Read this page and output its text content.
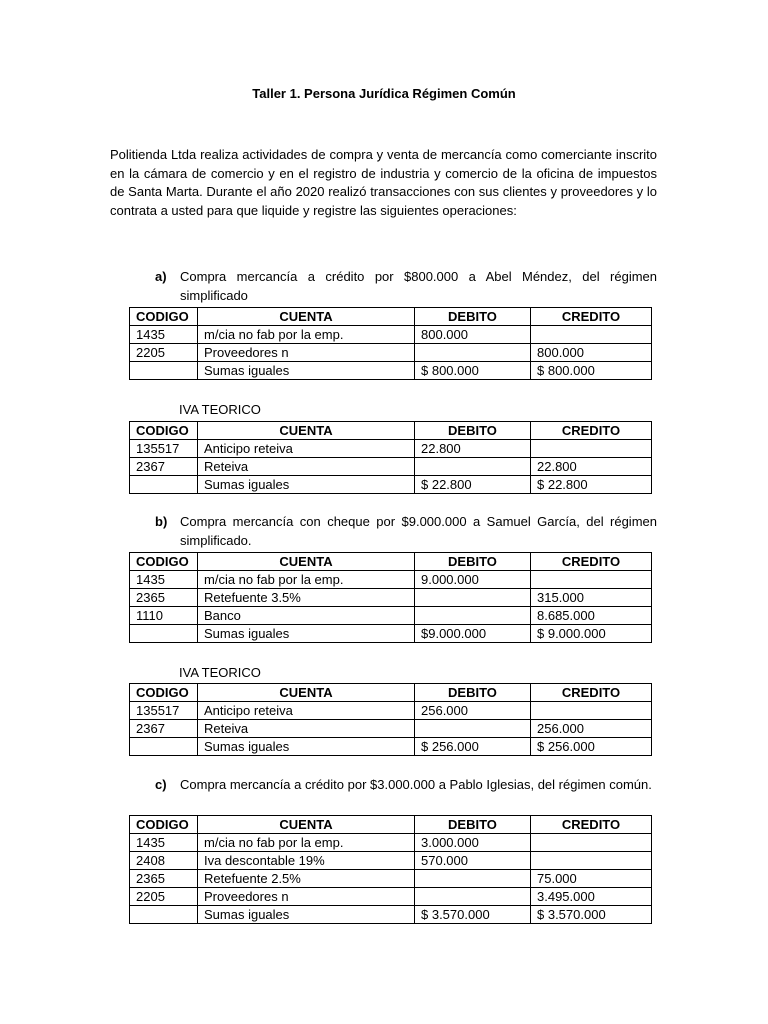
Taller 1. Persona Jurídica Régimen Común
Politienda Ltda realiza actividades de compra y venta de mercancía como comerciante inscrito en la cámara de comercio y en el registro de industria y comercio de la oficina de impuestos de Santa Marta. Durante el año 2020 realizó transacciones con sus clientes y proveedores y lo contrata a usted para que liquide y registre las siguientes operaciones:
a)	Compra mercancía a crédito por $800.000 a Abel Méndez, del régimen simplificado
CODIGO	CUENTA	DEBITO	CREDITO
1435	m/cia no fab por la emp.	800.000	
2205	Proveedores n		800.000
	Sumas iguales	$ 800.000	$ 800.000
IVA TEORICO
CODIGO	CUENTA	DEBITO	CREDITO
135517	Anticipo reteiva	22.800	
2367	Reteiva		22.800
	Sumas iguales	$ 22.800	$ 22.800
b) Compra mercancía con cheque por $9.000.000 a Samuel García, del régimen simplificado.
CODIGO	CUENTA	DEBITO	CREDITO
1435	m/cia no fab por la emp.	9.000.000	
2365	Retefuente 3.5%		315.000
1110	Banco		8.685.000
	Sumas iguales	$9.000.000	$ 9.000.000
IVA TEORICO
CODIGO	CUENTA	DEBITO	CREDITO
135517	Anticipo reteiva	256.000	
2367	Reteiva		256.000
	Sumas iguales	$ 256.000	$ 256.000
c)	Compra mercancía a crédito por $3.000.000 a Pablo Iglesias, del régimen común.
CODIGO	CUENTA	DEBITO	CREDITO
1435	m/cia no fab por la emp.	3.000.000	
2408	Iva descontable 19%	570.000	
2365	Retefuente 2.5%		75.000
2205	Proveedores n		3.495.000
	Sumas iguales	$ 3.570.000	$ 3.570.000
